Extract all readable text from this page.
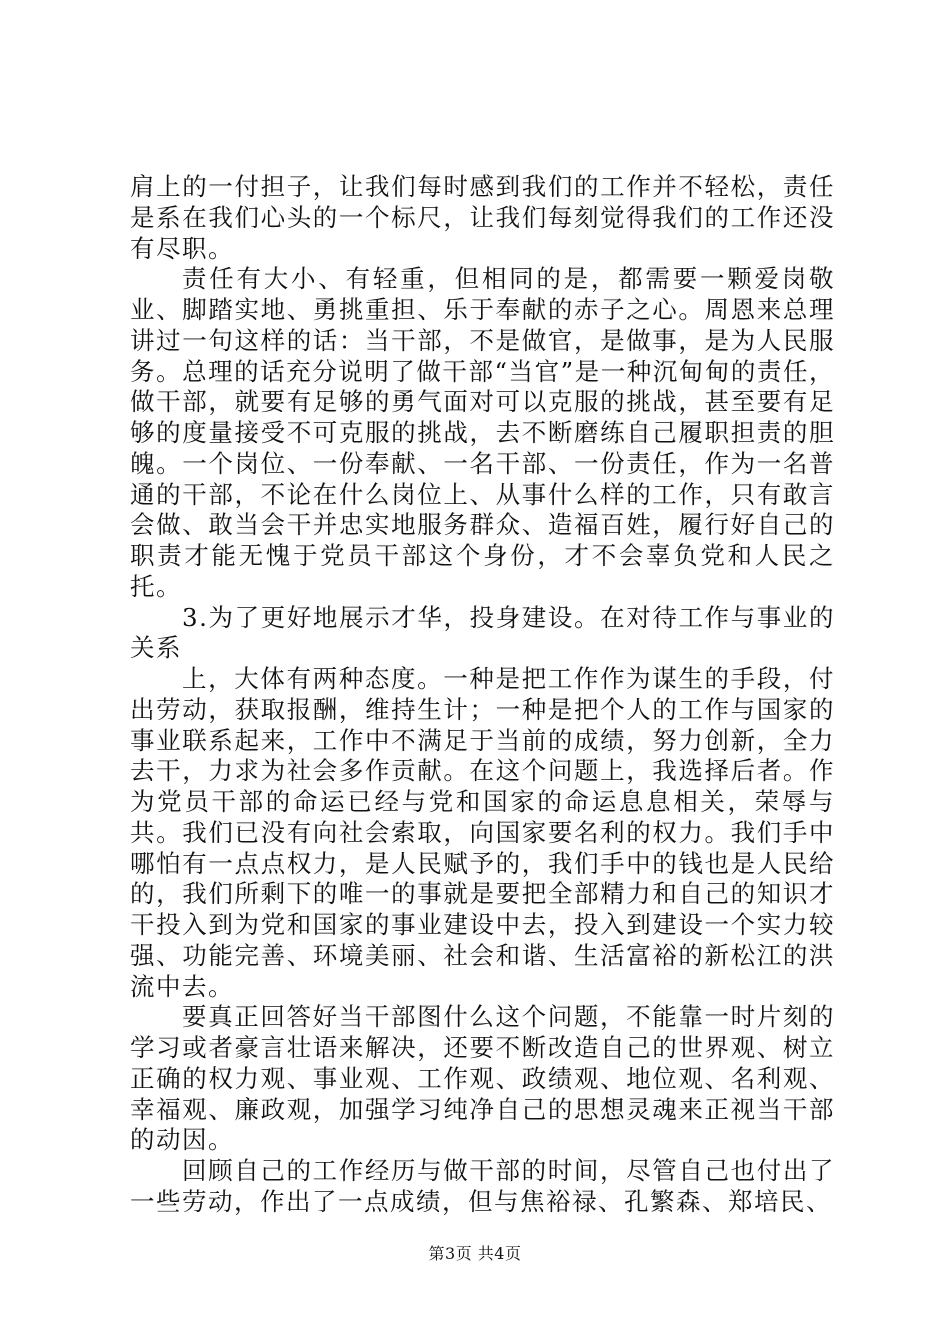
肩上的一付担子，让我们每时感到我们的工作并不轻松，责任是系在我们心头的一个标尺，让我们每刻觉得我们的工作还没有尽职。

责任有大小、有轻重，但相同的是，都需要一颗爱岗敬业、脚踏实地、勇挑重担、乐于奉献的赤子之心。周恩来总理讲过一句这样的话：当干部，不是做官，是做事，是为人民服务。总理的话充分说明了做干部“当官”是一种沉甸甸的责任，做干部，就要有足够的勇气面对可以克服的挑战，甚至要有足够的度量接受不可克服的挑战，去不断磨练自己履职担责的胆魄。一个岗位、一份奉献、一名干部、一份责任，作为一名普通的干部，不论在什么岗位上、从事什么样的工作，只有敢言会做、敢当会干并忠实地服务群众、造福百姓，履行好自己的职责才能无愧于党员干部这个身份，才不会辜负党和人民之托。

3.为了更好地展示才华，投身建设。在对待工作与事业的关系

上，大体有两种态度。一种是把工作作为谋生的手段，付出劳动，获取报酬，维持生计；一种是把个人的工作与国家的事业联系起来，工作中不满足于当前的成绩，努力创新，全力去干，力求为社会多作贡献。在这个问题上，我选择后者。作为党员干部的命运已经与党和国家的命运息息相关，荣辱与共。我们已没有向社会索取，向国家要名利的权力。我们手中哪怕有一点点权力，是人民赋予的，我们手中的钱也是人民给的，我们所剩下的唯一的事就是要把全部精力和自己的知识才干投入到为党和国家的事业建设中去，投入到建设一个实力较强、功能完善、环境美丽、社会和谐、生活富裕的新松江的洪流中去。

要真正回答好当干部图什么这个问题，不能靠一时片刻的学习或者豪言壮语来解决，还要不断改造自己的世界观、树立正确的权力观、事业观、工作观、政绩观、地位观、名利观、幸福观、廉政观，加强学习纯净自己的思想灵魂来正视当干部的动因。

回顾自己的工作经历与做干部的时间，尽管自己也付出了一些劳动，作出了一点成绩，但与焦裕禄、孔繁森、郑培民、

第3页 共4页
